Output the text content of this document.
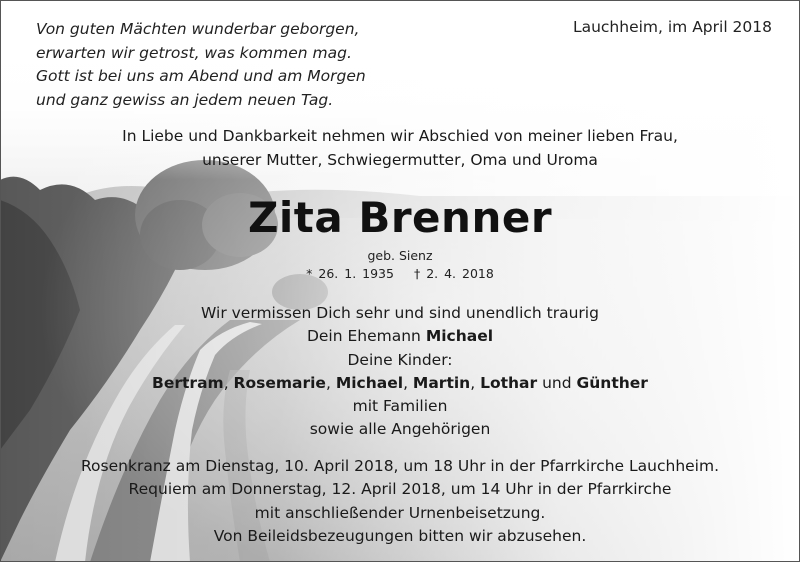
Von guten Mächten wunderbar geborgen,
erwarten wir getrost, was kommen mag.
Gott ist bei uns am Abend und am Morgen
und ganz gewiss an jedem neuen Tag.
Lauchheim, im April 2018
In Liebe und Dankbarkeit nehmen wir Abschied von meiner lieben Frau,
unserer Mutter, Schwiegermutter, Oma und Uroma
Zita Brenner
geb. Sienz
* 26. 1. 1935 † 2. 4. 2018
Wir vermissen Dich sehr und sind unendlich traurig
Dein Ehemann Michael
Deine Kinder:
Bertram, Rosemarie, Michael, Martin, Lothar und Günther
mit Familien
sowie alle Angehörigen
Rosenkranz am Dienstag, 10. April 2018, um 18 Uhr in der Pfarrkirche Lauchheim.
Requiem am Donnerstag, 12. April 2018, um 14 Uhr in der Pfarrkirche
mit anschließender Urnenbeisetzung.
Von Beileidsbezeugungen bitten wir abzusehen.
